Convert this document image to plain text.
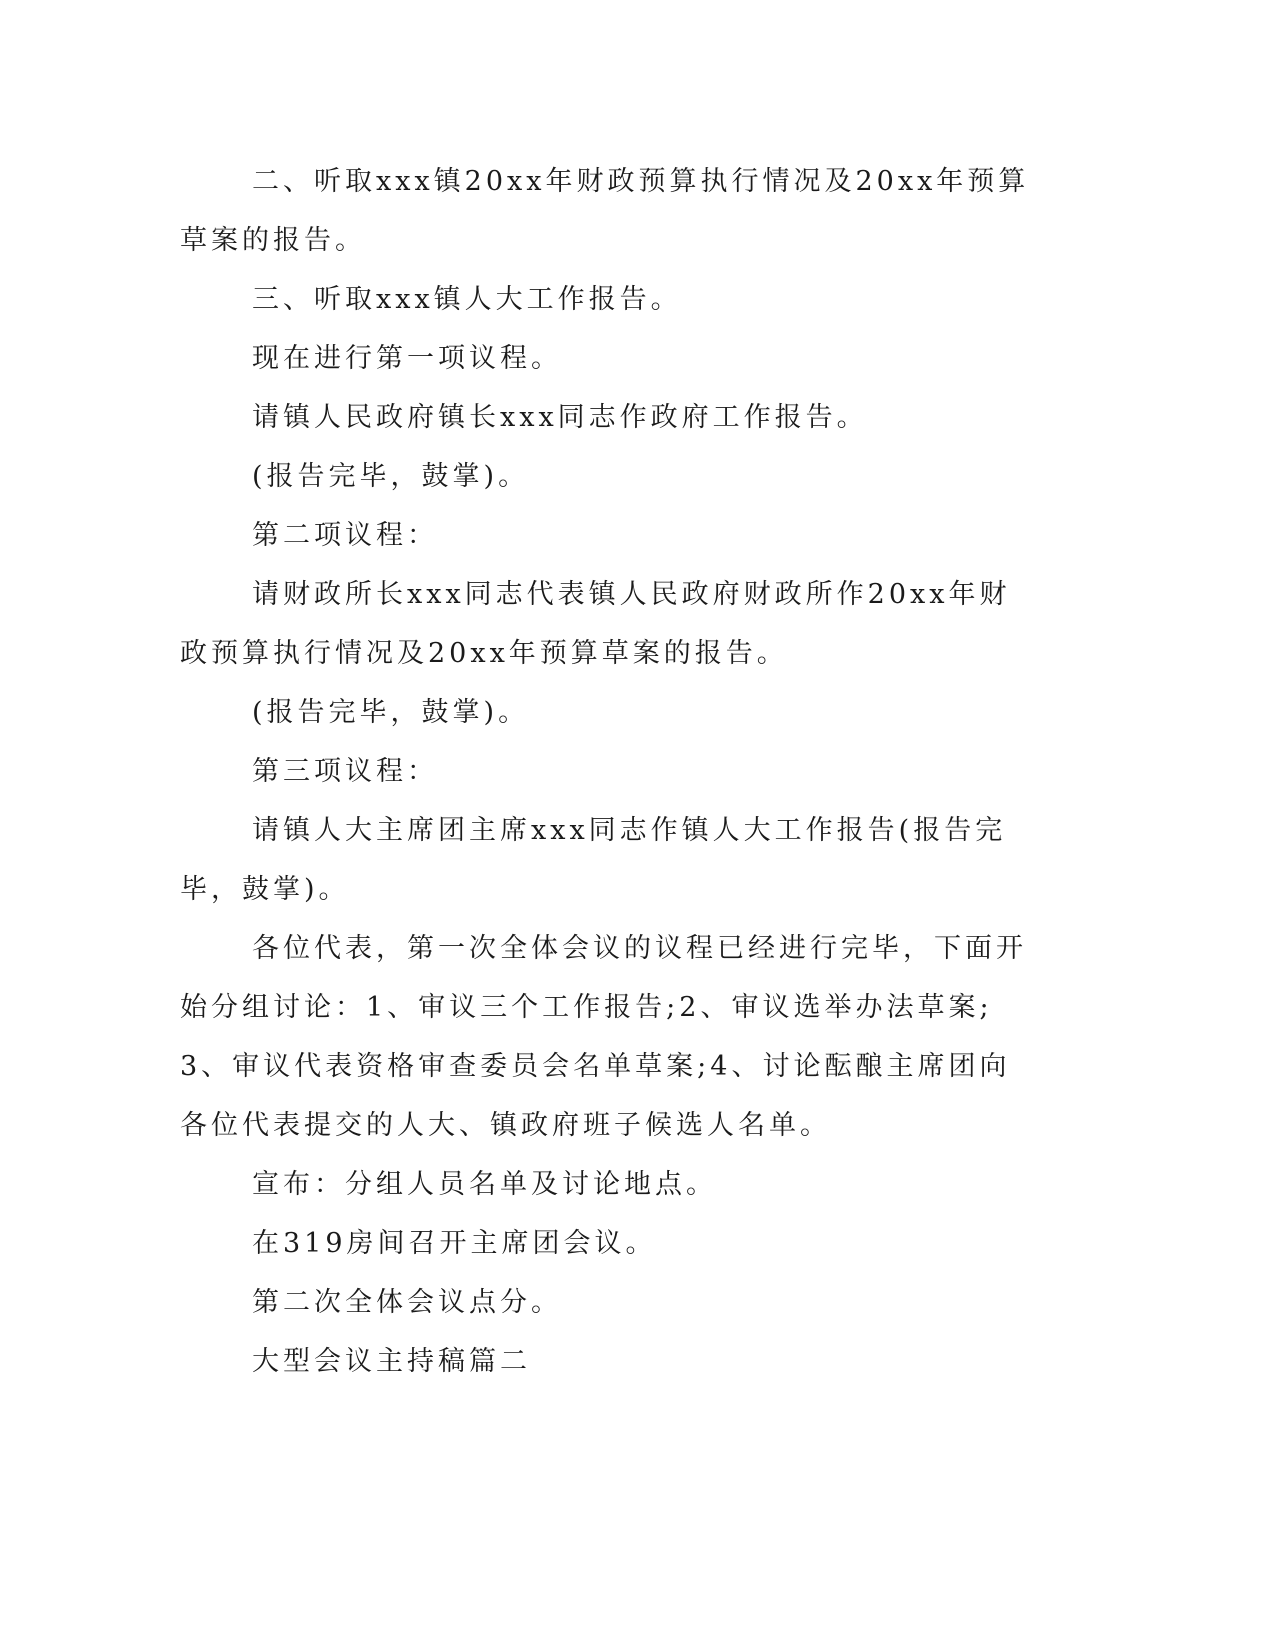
二、听取xxx镇20xx年财政预算执行情况及20xx年预算草案的报告。

三、听取xxx镇人大工作报告。

现在进行第一项议程。

请镇人民政府镇长xxx同志作政府工作报告。

(报告完毕，鼓掌)。

第二项议程：

请财政所长xxx同志代表镇人民政府财政所作20xx年财政预算执行情况及20xx年预算草案的报告。

(报告完毕，鼓掌)。

第三项议程：

请镇人大主席团主席xxx同志作镇人大工作报告(报告完毕，鼓掌)。

各位代表，第一次全体会议的议程已经进行完毕，下面开始分组讨论：1、审议三个工作报告;2、审议选举办法草案;3、审议代表资格审查委员会名单草案;4、讨论酝酿主席团向各位代表提交的人大、镇政府班子候选人名单。

宣布：分组人员名单及讨论地点。

在319房间召开主席团会议。

第二次全体会议点分。

大型会议主持稿篇二
